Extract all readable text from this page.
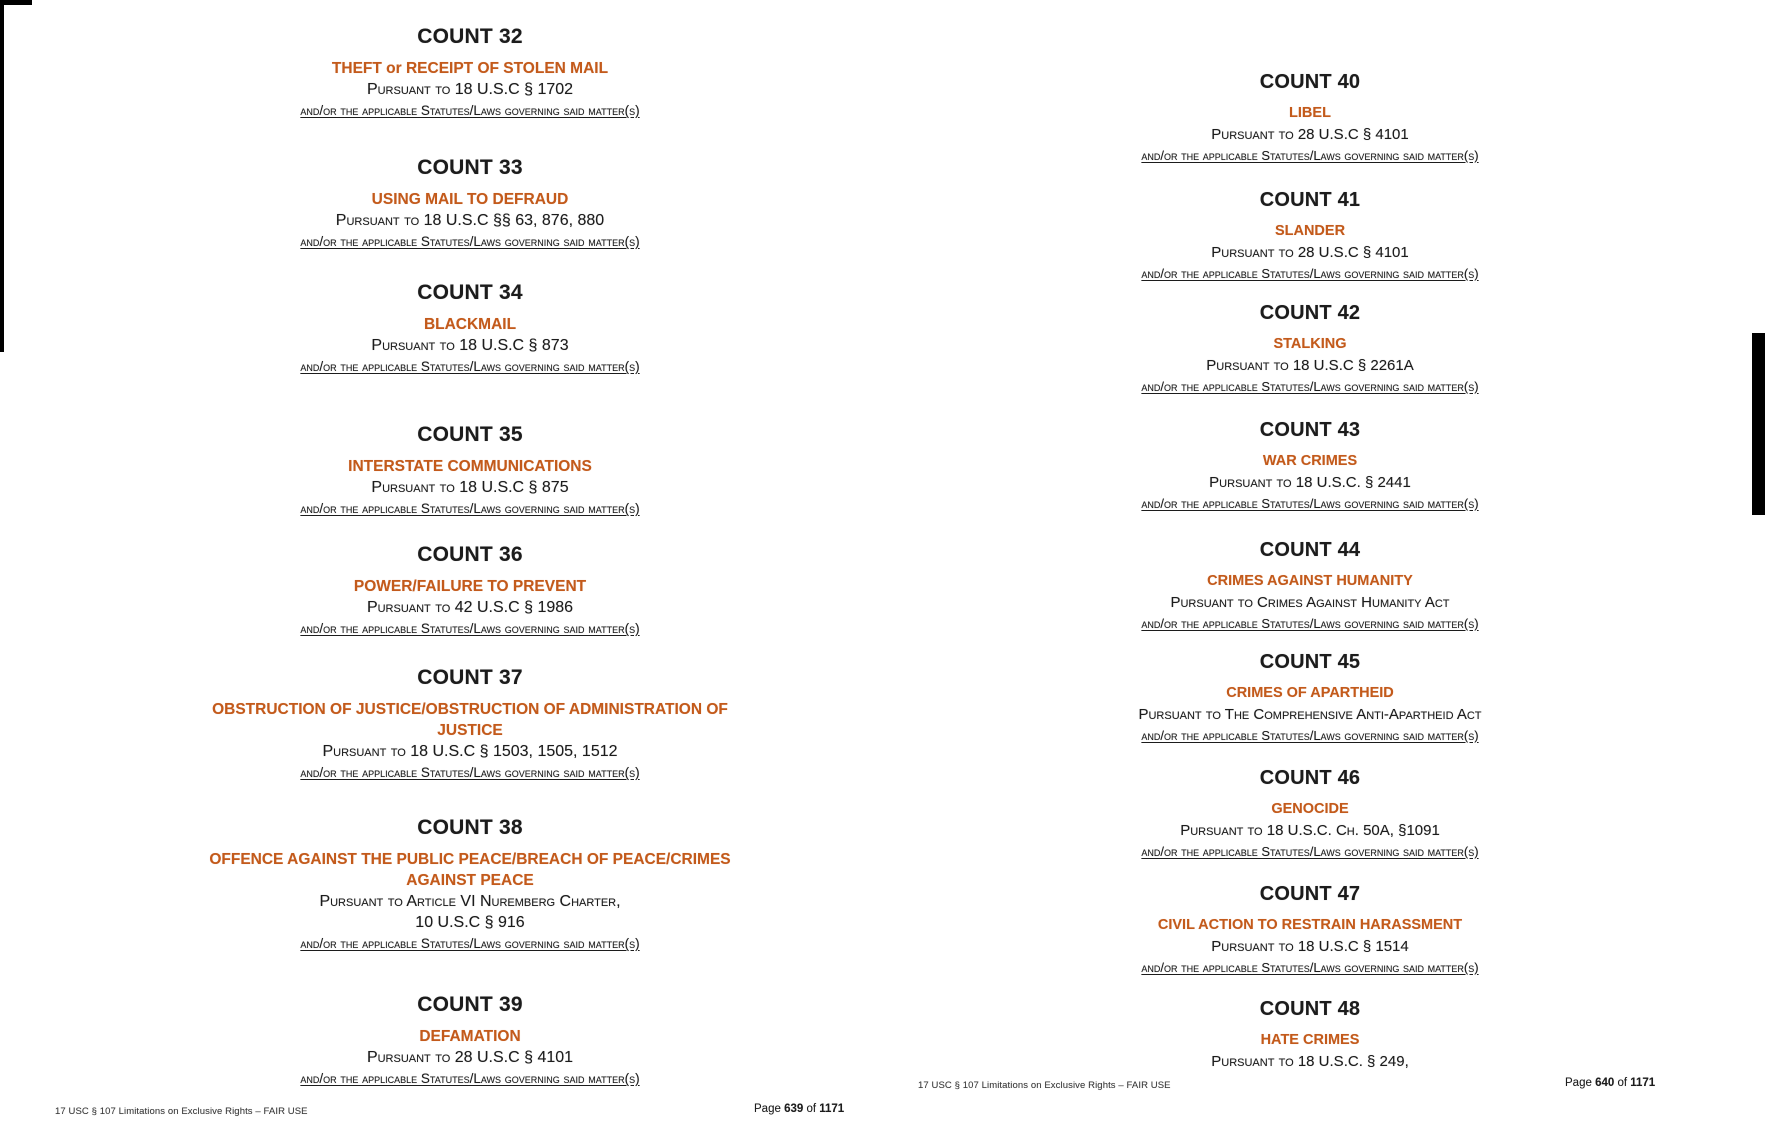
COUNT 32
THEFT or RECEIPT OF STOLEN MAIL
Pursuant to 18 U.S.C § 1702
and/or the applicable Statutes/Laws governing said matter(s)
COUNT 33
USING MAIL TO DEFRAUD
Pursuant to 18 U.S.C §§ 63, 876, 880
and/or the applicable Statutes/Laws governing said matter(s)
COUNT 34
BLACKMAIL
Pursuant to 18 U.S.C § 873
and/or the applicable Statutes/Laws governing said matter(s)
COUNT 35
INTERSTATE COMMUNICATIONS
Pursuant to 18 U.S.C § 875
and/or the applicable Statutes/Laws governing said matter(s)
COUNT 36
POWER/FAILURE TO PREVENT
Pursuant to 42 U.S.C § 1986
and/or the applicable Statutes/Laws governing said matter(s)
COUNT 37
OBSTRUCTION OF JUSTICE/OBSTRUCTION OF ADMINISTRATION OF
JUSTICE
Pursuant to 18 U.S.C § 1503, 1505, 1512
and/or the applicable Statutes/Laws governing said matter(s)
COUNT 38
OFFENCE AGAINST THE PUBLIC PEACE/BREACH OF PEACE/CRIMES
AGAINST PEACE
Pursuant to Article VI Nuremberg Charter,
10 U.S.C § 916
and/or the applicable Statutes/Laws governing said matter(s)
COUNT 39
DEFAMATION
Pursuant to 28 U.S.C § 4101
and/or the applicable Statutes/Laws governing said matter(s)
COUNT 40
LIBEL
Pursuant to 28 U.S.C § 4101
and/or the applicable Statutes/Laws governing said matter(s)
COUNT 41
SLANDER
Pursuant to 28 U.S.C § 4101
and/or the applicable Statutes/Laws governing said matter(s)
COUNT 42
STALKING
Pursuant to 18 U.S.C § 2261A
and/or the applicable Statutes/Laws governing said matter(s)
COUNT 43
WAR CRIMES
Pursuant to 18 U.S.C. § 2441
and/or the applicable Statutes/Laws governing said matter(s)
COUNT 44
CRIMES AGAINST HUMANITY
Pursuant to Crimes Against Humanity Act
and/or the applicable Statutes/Laws governing said matter(s)
COUNT 45
CRIMES OF APARTHEID
Pursuant to The Comprehensive Anti-Apartheid Act
and/or the applicable Statutes/Laws governing said matter(s)
COUNT 46
GENOCIDE
Pursuant to 18 U.S.C. Ch. 50A, §1091
and/or the applicable Statutes/Laws governing said matter(s)
COUNT 47
CIVIL ACTION TO RESTRAIN HARASSMENT
Pursuant to 18 U.S.C § 1514
and/or the applicable Statutes/Laws governing said matter(s)
COUNT 48
HATE CRIMES
Pursuant to 18 U.S.C. § 249,
17 USC § 107 Limitations on Exclusive Rights – FAIR USE	Page 639 of 1171
17 USC § 107 Limitations on Exclusive Rights – FAIR USE	Page 640 of 1171
